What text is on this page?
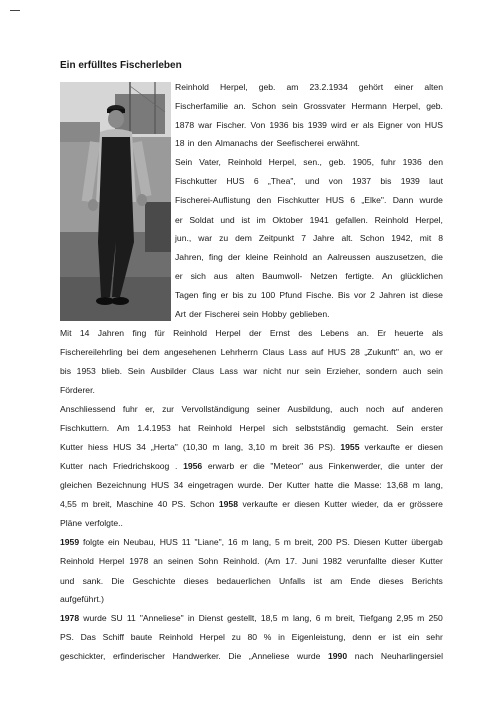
Ein erfülltes Fischerleben
Reinhold Herpel, geb. am 23.2.1934 gehört einer alten
Fischerfamilie an. Schon sein Grossvater Hermann Herpel, geb.
1878 war Fischer. Von 1936 bis 1939 wird er als Eigner von HUS
18 in den Almanachs der Seefischerei erwähnt.
Sein Vater, Reinhold Herpel, sen., geb. 1905, fuhr 1936 den
Fischkutter HUS 6 „Thea", und von 1937 bis 1939 laut
Fischerei-Auflistung den Fischkutter HUS 6 „Elke". Dann wurde
er Soldat und ist im Oktober 1941 gefallen. Reinhold Herpel,
jun., war zu dem Zeitpunkt 7 Jahre alt. Schon 1942, mit 8
Jahren, fing der kleine Reinhold an Aalreussen auszusetzen, die
er sich aus alten Baumwoll- Netzen fertigte. An glücklichen
Tagen fing er bis zu 100 Pfund Fische. Bis vor 2 Jahren ist diese
Art der Fischerei sein Hobby geblieben.
Mit 14 Jahren fing für Reinhold Herpel der Ernst des Lebens an. Er heuerte als
Fischereilehrling bei dem angesehenen Lehrherrn Claus Lass auf HUS 28 „Zukunft" an, wo er
bis 1953 blieb. Sein Ausbilder Claus Lass war nicht nur sein Erzieher, sondern auch sein
Förderer.
Anschliessend fuhr er, zur Vervollständigung seiner Ausbildung, auch noch auf anderen
Fischkuttern. Am 1.4.1953 hat Reinhold Herpel sich selbstständig gemacht. Sein erster
Kutter hiess HUS 34 „Herta" (10,30 m lang, 3,10 m breit 36 PS). 1955 verkaufte er diesen
Kutter nach Friedrichskoog . 1956 erwarb er die "Meteor" aus Finkenwerder, die unter der
gleichen Bezeichnung HUS 34 eingetragen wurde. Der Kutter hatte die Masse: 13,68 m lang,
4,55 m breit, Maschine 40 PS. Schon 1958 verkaufte er diesen Kutter wieder, da er grössere
Pläne verfolgte..
1959 folgte ein Neubau, HUS 11 "Liane", 16 m lang, 5 m breit, 200 PS. Diesen Kutter übergab
Reinhold Herpel 1978 an seinen Sohn Reinhold. (Am 17. Juni 1982 verunfallte dieser Kutter
und sank. Die Geschichte dieses bedauerlichen Unfalls ist am Ende dieses Berichts
aufgeführt.)
1978 wurde SU 11 "Anneliese" in Dienst gestellt, 18,5 m lang, 6 m breit, Tiefgang 2,95 m 250
PS. Das Schiff baute Reinhold Herpel zu 80 % in Eigenleistung, denn er ist ein sehr
geschickter, erfinderischer Handwerker. Die „Anneliese wurde 1990 nach Neuharlingersiel
